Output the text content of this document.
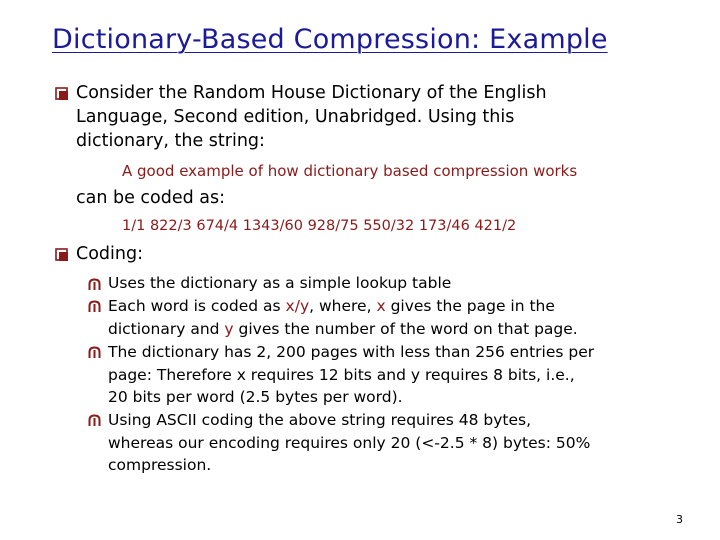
Dictionary-Based Compression: Example
Consider the Random House Dictionary of the English
Language, Second edition, Unabridged. Using this
dictionary, the string:
A good example of how dictionary based compression works
can be coded as:
1/1 822/3 674/4 1343/60 928/75 550/32 173/46 421/2
Coding:
Uses the dictionary as a simple lookup table
Each word is coded as x/y, where, x gives the page in the
dictionary and y gives the number of the word on that page.
The dictionary has 2, 200 pages with less than 256 entries per
page: Therefore x requires 12 bits and y requires 8 bits, i.e.,
20 bits per word (2.5 bytes per word).
Using ASCII coding the above string requires 48 bytes,
whereas our encoding requires only 20 (<-2.5 * 8) bytes: 50%
compression.
3
